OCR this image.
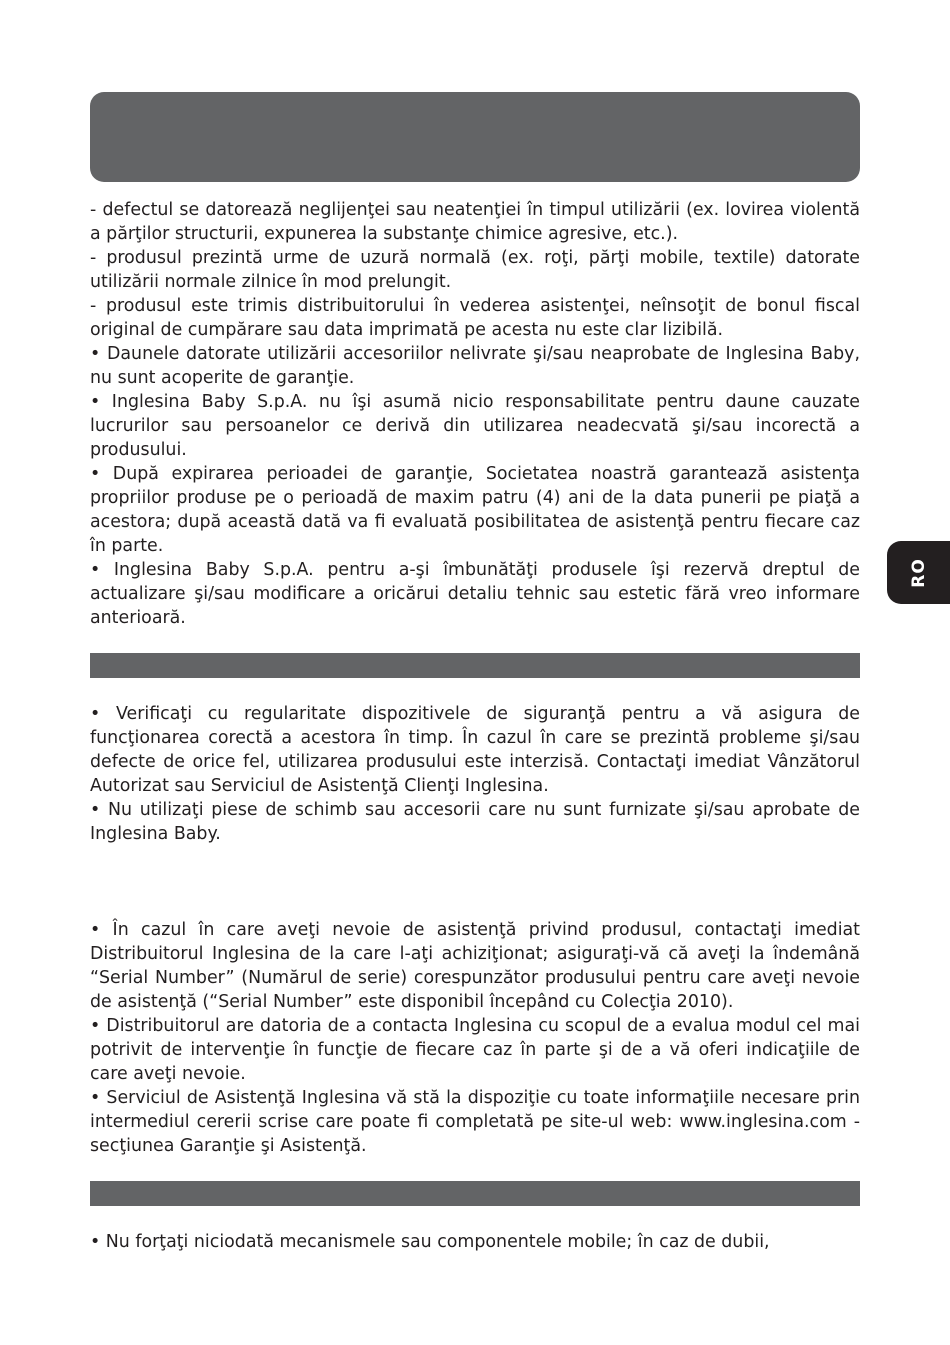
- defectul se datorează neglijenţei sau neatenţiei în timpul utilizării (ex. lovirea violentă a părţilor structurii, expunerea la substanţe chimice agresive, etc.).

- produsul prezintă urme de uzură normală (ex. roţi, părţi mobile, textile) datorate utilizării normale zilnice în mod prelungit.

- produsul este trimis distribuitorului în vederea asistenţei, neînsoţit de bonul fiscal original de cumpărare sau data imprimată pe acesta nu este clar lizibilă.

• Daunele datorate utilizării accesoriilor nelivrate şi/sau neaprobate de Inglesina Baby, nu sunt acoperite de garanţie.

• Inglesina Baby S.p.A. nu îşi asumă nicio responsabilitate pentru daune cauzate lucrurilor sau persoanelor ce derivă din utilizarea neadecvată şi/sau incorectă a produsului.

• După expirarea perioadei de garanţie, Societatea noastră garantează asistenţa propriilor produse pe o perioadă de maxim patru (4) ani de la data punerii pe piaţă a acestora; după această dată va fi evaluată posibilitatea de asistenţă pentru fiecare caz în parte.

• Inglesina Baby S.p.A. pentru a-şi îmbunătăţi produsele îşi rezervă dreptul de actualizare şi/sau modificare a oricărui detaliu tehnic sau estetic fără vreo informare anterioară.

RO

• Verificaţi cu regularitate dispozitivele de siguranţă pentru a vă asigura de funcţionarea corectă a acestora în timp. În cazul în care se prezintă probleme şi/sau defecte de orice fel, utilizarea produsului este interzisă. Contactaţi imediat Vânzătorul Autorizat sau Serviciul de Asistenţă Clienţi Inglesina.

• Nu utilizaţi piese de schimb sau accesorii care nu sunt furnizate şi/sau aprobate de Inglesina Baby.

• În cazul în care aveţi nevoie de asistenţă privind produsul, contactaţi imediat Distribuitorul Inglesina de la care l-aţi achiziţionat; asiguraţi-vă că aveţi la îndemână “Serial Number” (Numărul de serie) corespunzător produsului pentru care aveţi nevoie de asistenţă (“Serial Number” este disponibil începând cu Colecţia 2010).

• Distribuitorul are datoria de a contacta Inglesina cu scopul de a evalua modul cel mai potrivit de intervenţie în funcţie de fiecare caz în parte şi de a vă oferi indicaţiile de care aveţi nevoie.

• Serviciul de Asistenţă Inglesina vă stă la dispoziţie cu toate informaţiile necesare prin intermediul cererii scrise care poate fi completată pe site-ul web: www.inglesina.com - secţiunea Garanţie şi Asistenţă.

• Nu forţaţi niciodată mecanismele sau componentele mobile; în caz de dubii,
